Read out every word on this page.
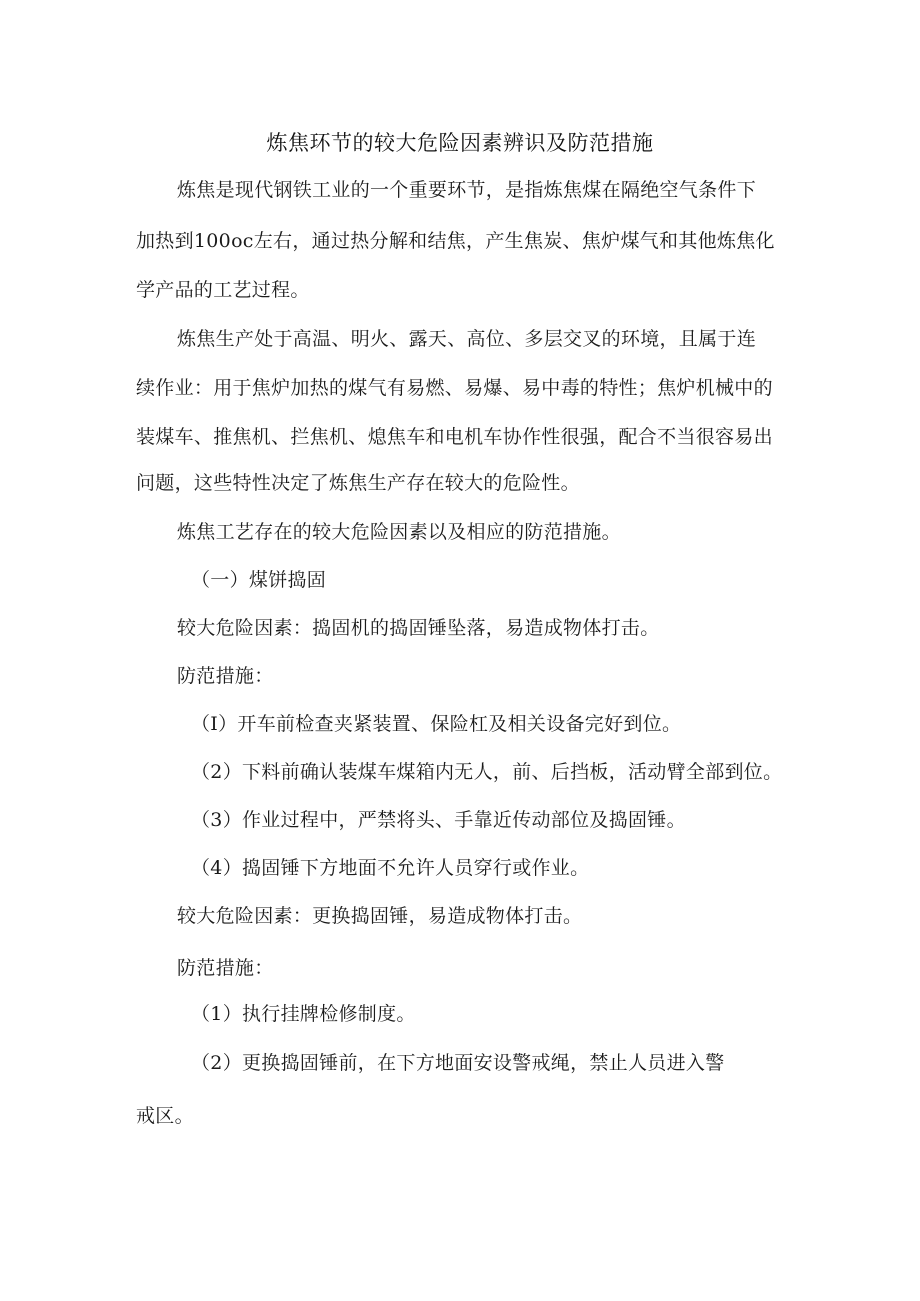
炼焦环节的较大危险因素辨识及防范措施
炼焦是现代钢铁工业的一个重要环节，是指炼焦煤在隔绝空气条件下
加热到100oc左右，通过热分解和结焦，产生焦炭、焦炉煤气和其他炼焦化
学产品的工艺过程。
炼焦生产处于高温、明火、露天、高位、多层交叉的环境，且属于连
续作业：用于焦炉加热的煤气有易燃、易爆、易中毒的特性；焦炉机械中的
装煤车、推焦机、拦焦机、熄焦车和电机车协作性很强，配合不当很容易出
问题，这些特性决定了炼焦生产存在较大的危险性。
炼焦工艺存在的较大危险因素以及相应的防范措施。
（一）煤饼捣固
较大危险因素：捣固机的捣固锤坠落，易造成物体打击。
防范措施：
（I）开车前检查夹紧装置、保险杠及相关设备完好到位。
（2）下料前确认装煤车煤箱内无人，前、后挡板，活动臂全部到位。
（3）作业过程中，严禁将头、手靠近传动部位及捣固锤。
（4）捣固锤下方地面不允许人员穿行或作业。
较大危险因素：更换捣固锤，易造成物体打击。
防范措施：
（1）执行挂牌检修制度。
（2）更换捣固锤前，在下方地面安设警戒绳，禁止人员进入警
戒区。
